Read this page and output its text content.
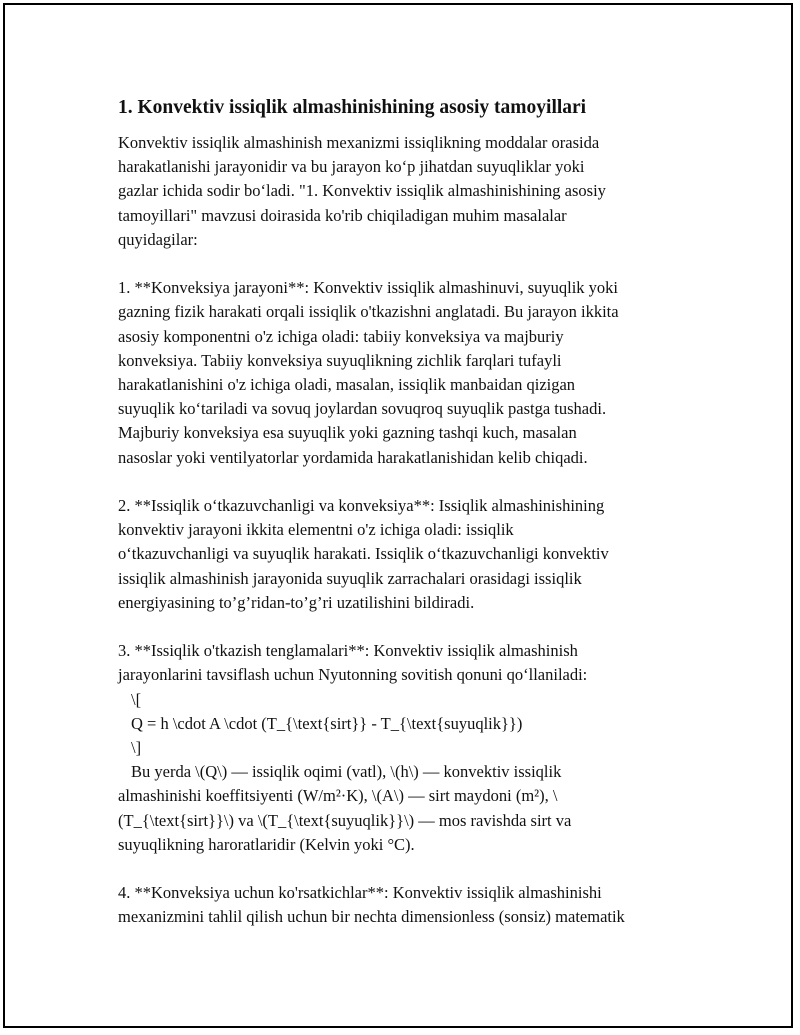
1. Konvektiv issiqlik almashinishining asosiy tamoyillari
Konvektiv issiqlik almashinish mexanizmi issiqlikning moddalar orasida
harakatlanishi jarayonidir va bu jarayon koʻp jihatdan suyuqliklar yoki
gazlar ichida sodir boʻladi. "1. Konvektiv issiqlik almashinishining asosiy
tamoyillari" mavzusi doirasida ko'rib chiqiladigan muhim masalalar
quyidagilar:
1. **Konveksiya jarayoni**: Konvektiv issiqlik almashinuvi, suyuqlik yoki
gazning fizik harakati orqali issiqlik o'tkazishni anglatadi. Bu jarayon ikkita
asosiy komponentni o'z ichiga oladi: tabiiy konveksiya va majburiy
konveksiya. Tabiiy konveksiya suyuqlikning zichlik farqlari tufayli
harakatlanishini o'z ichiga oladi, masalan, issiqlik manbaidan qizigan
suyuqlik koʻtariladi va sovuq joylardan sovuqroq suyuqlik pastga tushadi.
Majburiy konveksiya esa suyuqlik yoki gazning tashqi kuch, masalan
nasoslar yoki ventilyatorlar yordamida harakatlanishidan kelib chiqadi.
2. **Issiqlik oʻtkazuvchanligi va konveksiya**: Issiqlik almashinishining
konvektiv jarayoni ikkita elementni o'z ichiga oladi: issiqlik
oʻtkazuvchanligi va suyuqlik harakati. Issiqlik oʻtkazuvchanligi konvektiv
issiqlik almashinish jarayonida suyuqlik zarrachalari orasidagi issiqlik
energiyasining to’g’ridan-to’g’ri uzatilishini bildiradi.
3. **Issiqlik o'tkazish tenglamalari**: Konvektiv issiqlik almashinish
jarayonlarini tavsiflash uchun Nyutonning sovitish qonuni qoʻllaniladi:
\[
Q = h \cdot A \cdot (T_{\text{sirt}} - T_{\text{suyuqlik}})
\]
Bu yerda \(Q\) — issiqlik oqimi (vatl), \(h\) — konvektiv issiqlik
almashinishi koeffitsiyenti (W/m²·K), \(A\) — sirt maydoni (m²), \
(T_{\text{sirt}}\) va \(T_{\text{suyuqlik}}\) — mos ravishda sirt va
suyuqlikning haroratlaridir (Kelvin yoki °C).
4. **Konveksiya uchun ko'rsatkichlar**: Konvektiv issiqlik almashinishi
mexanizmini tahlil qilish uchun bir nechta dimensionless (sonsiz) matematik
